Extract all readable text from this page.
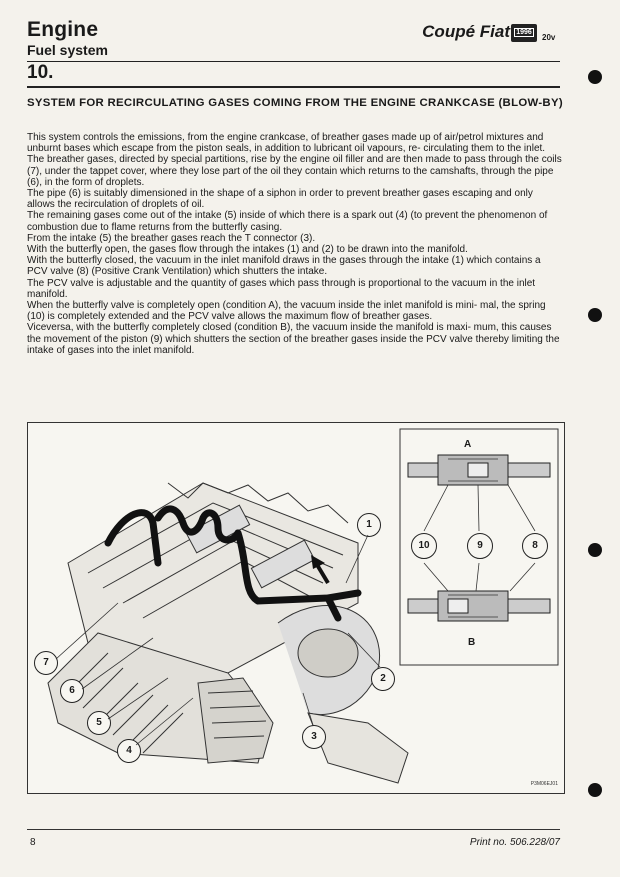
Engine
Fuel system
Coupé Fiat 1996
20v
10.
SYSTEM FOR RECIRCULATING GASES COMING FROM THE ENGINE CRANKCASE (BLOW-BY)

This system controls the emissions, from the engine crankcase, of breather gases made up of air/petrol mixtures and unburnt bases which escape from the piston seals, in addition to lubricant oil vapours, re- circulating them to the inlet.

The breather gases, directed by special partitions, rise by the engine oil filler and are then made to pass through the coils (7), under the tappet cover, where they lose part of the oil they contain which returns to the camshafts, through the pipe (6), in the form of droplets.

The pipe (6) is suitably dimensioned in the shape of a siphon in order to prevent breather gases escaping and only allows the recirculation of droplets of oil.

The remaining gases come out of the intake (5) inside of which there is a spark out (4) (to prevent the phenomenon of combustion due to flame returns from the butterfly casing.

From the intake (5) the breather gases reach the T connector (3).

With the butterfly open, the gases flow through the intakes (1) and (2) to be drawn into the manifold.

With the butterfly closed, the vacuum in the inlet manifold draws in the gases through the intake (1) which contains a PCV valve (8) (Positive Crank Ventilation) which shutters the intake.

The PCV valve is adjustable and the quantity of gases which pass through is proportional to the vacuum in the inlet manifold.

When the butterfly valve is completely open (condition A), the vacuum inside the inlet manifold is mini- mal, the spring (10) is completely extended and the PCV valve allows the maximum flow of breather gases.

Viceversa, with the butterfly completely closed (condition B), the vacuum inside the manifold is maxi- mum, this causes the movement of the piston (9) which shutters the section of the breather gases inside the PCV valve thereby limiting the intake of gases into the inlet manifold.

A
B
10	9	8
1
2
3
4
5
6
7
P3M06EJ01
8	Print no. 506.228/07
